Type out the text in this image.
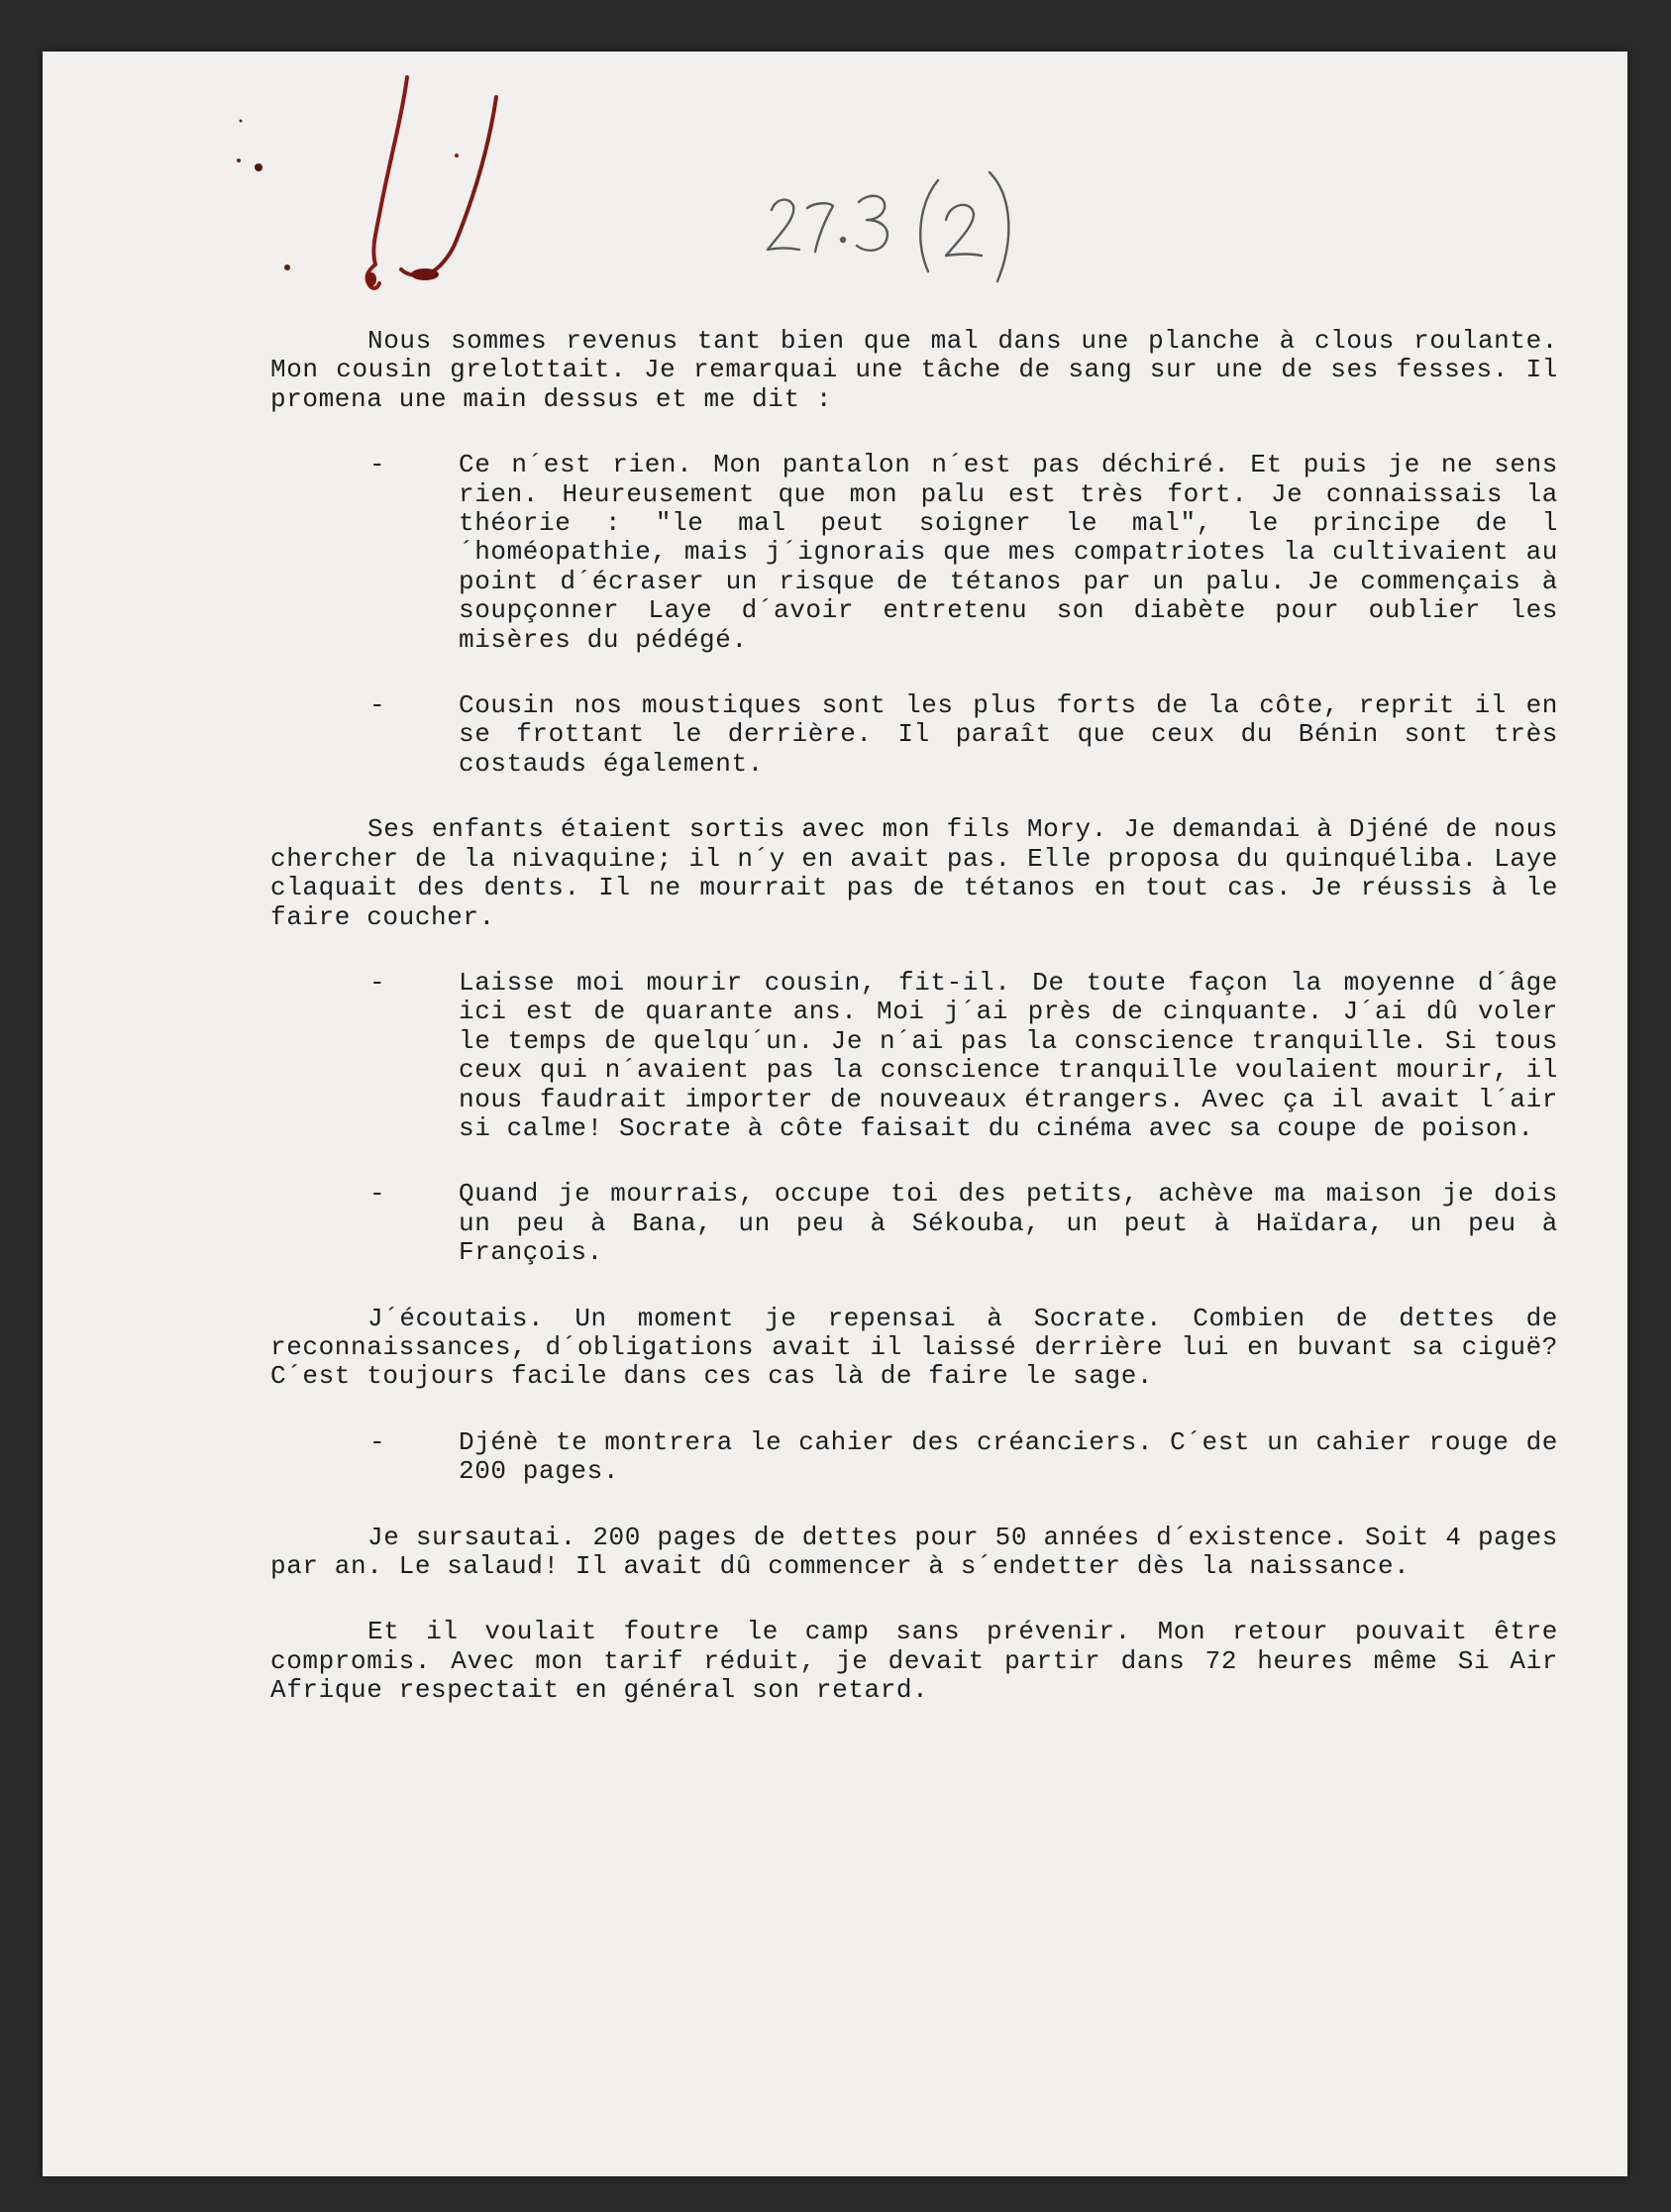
Nous sommes revenus tant bien que mal dans une planche à clous roulante. Mon cousin grelottait. Je remarquai une tâche de sang sur une de ses fesses. Il promena une main dessus et me dit :

-	Ce n´est rien. Mon pantalon n´est pas déchiré. Et puis je ne sens rien. Heureusement que mon palu est très fort. Je connaissais la théorie : "le mal peut soigner le mal", le principe de l´homéopathie, mais j´ignorais que mes compatriotes la cultivaient au point d´écraser un risque de tétanos par un palu. Je commençais à soupçonner Laye d´avoir entretenu son diabète pour oublier les misères du pédégé.
-	Cousin nos moustiques sont les plus forts de la côte, reprit il en se frottant le derrière. Il paraît que ceux du Bénin sont très costauds également.

Ses enfants étaient sortis avec mon fils Mory. Je demandai à Djéné de nous chercher de la nivaquine; il n´y en avait pas. Elle proposa du quinquéliba. Laye claquait des dents. Il ne mourrait pas de tétanos en tout cas. Je réussis à le faire coucher.

-	Laisse moi mourir cousin, fit-il. De toute façon la moyenne d´âge ici est de quarante ans. Moi j´ai près de cinquante. J´ai dû voler le temps de quelqu´un. Je n´ai pas la conscience tranquille. Si tous ceux qui n´avaient pas la conscience tranquille voulaient mourir, il nous faudrait importer de nouveaux étrangers. Avec ça il avait l´air si calme! Socrate à côte faisait du cinéma avec sa coupe de poison.
-	Quand je mourrais, occupe toi des petits, achève ma maison je dois un peu à Bana, un peu à Sékouba, un peut à Haïdara, un peu à François.

J´écoutais. Un moment je repensai à Socrate. Combien de dettes de reconnaissances, d´obligations avait il laissé derrière lui en buvant sa ciguë? C´est toujours facile dans ces cas là de faire le sage.

-	Djénè te montrera le cahier des créanciers. C´est un cahier rouge de 200 pages.

Je sursautai. 200 pages de dettes pour 50 années d´existence. Soit 4 pages par an. Le salaud! Il avait dû commencer à s´endetter dès la naissance.

Et il voulait foutre le camp sans prévenir. Mon retour pouvait être compromis. Avec mon tarif réduit, je devait partir dans 72 heures même Si Air Afrique respectait en général son retard.
